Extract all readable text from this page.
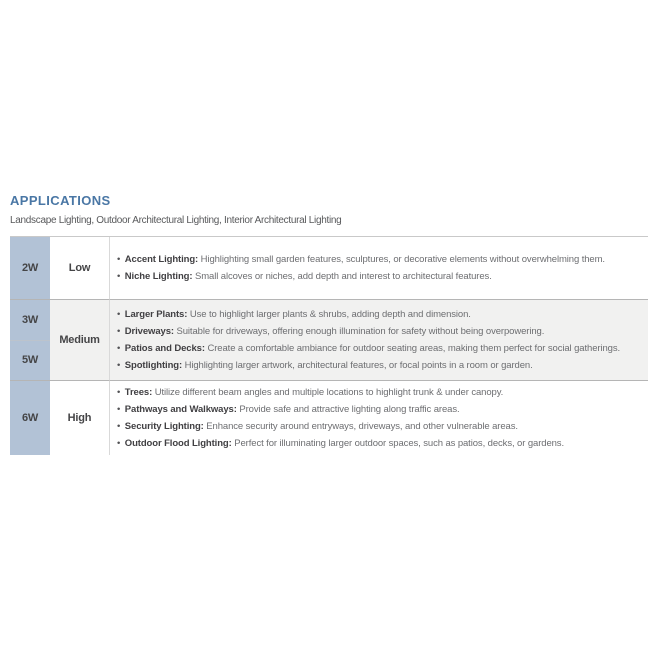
APPLICATIONS
Landscape Lighting, Outdoor Architectural Lighting, Interior Architectural Lighting
2W	Low
• Accent Lighting: Highlighting small garden features, sculptures, or decorative elements without overwhelming them.
• Niche Lighting: Small alcoves or niches, add depth and interest to architectural features.
3W
5W
Medium
• Larger Plants: Use to highlight larger plants & shrubs, adding depth and dimension.
• Driveways: Suitable for driveways, offering enough illumination for safety without being overpowering.
• Patios and Decks: Create a comfortable ambiance for outdoor seating areas, making them perfect for social gatherings.
• Spotlighting: Highlighting larger artwork, architectural features, or focal points in a room or garden.
6W	High
• Trees: Utilize different beam angles and multiple locations to highlight trunk & under canopy.
• Pathways and Walkways: Provide safe and attractive lighting along traffic areas.
• Security Lighting: Enhance security around entryways, driveways, and other vulnerable areas.
• Outdoor Flood Lighting: Perfect for illuminating larger outdoor spaces, such as patios, decks, or gardens.
